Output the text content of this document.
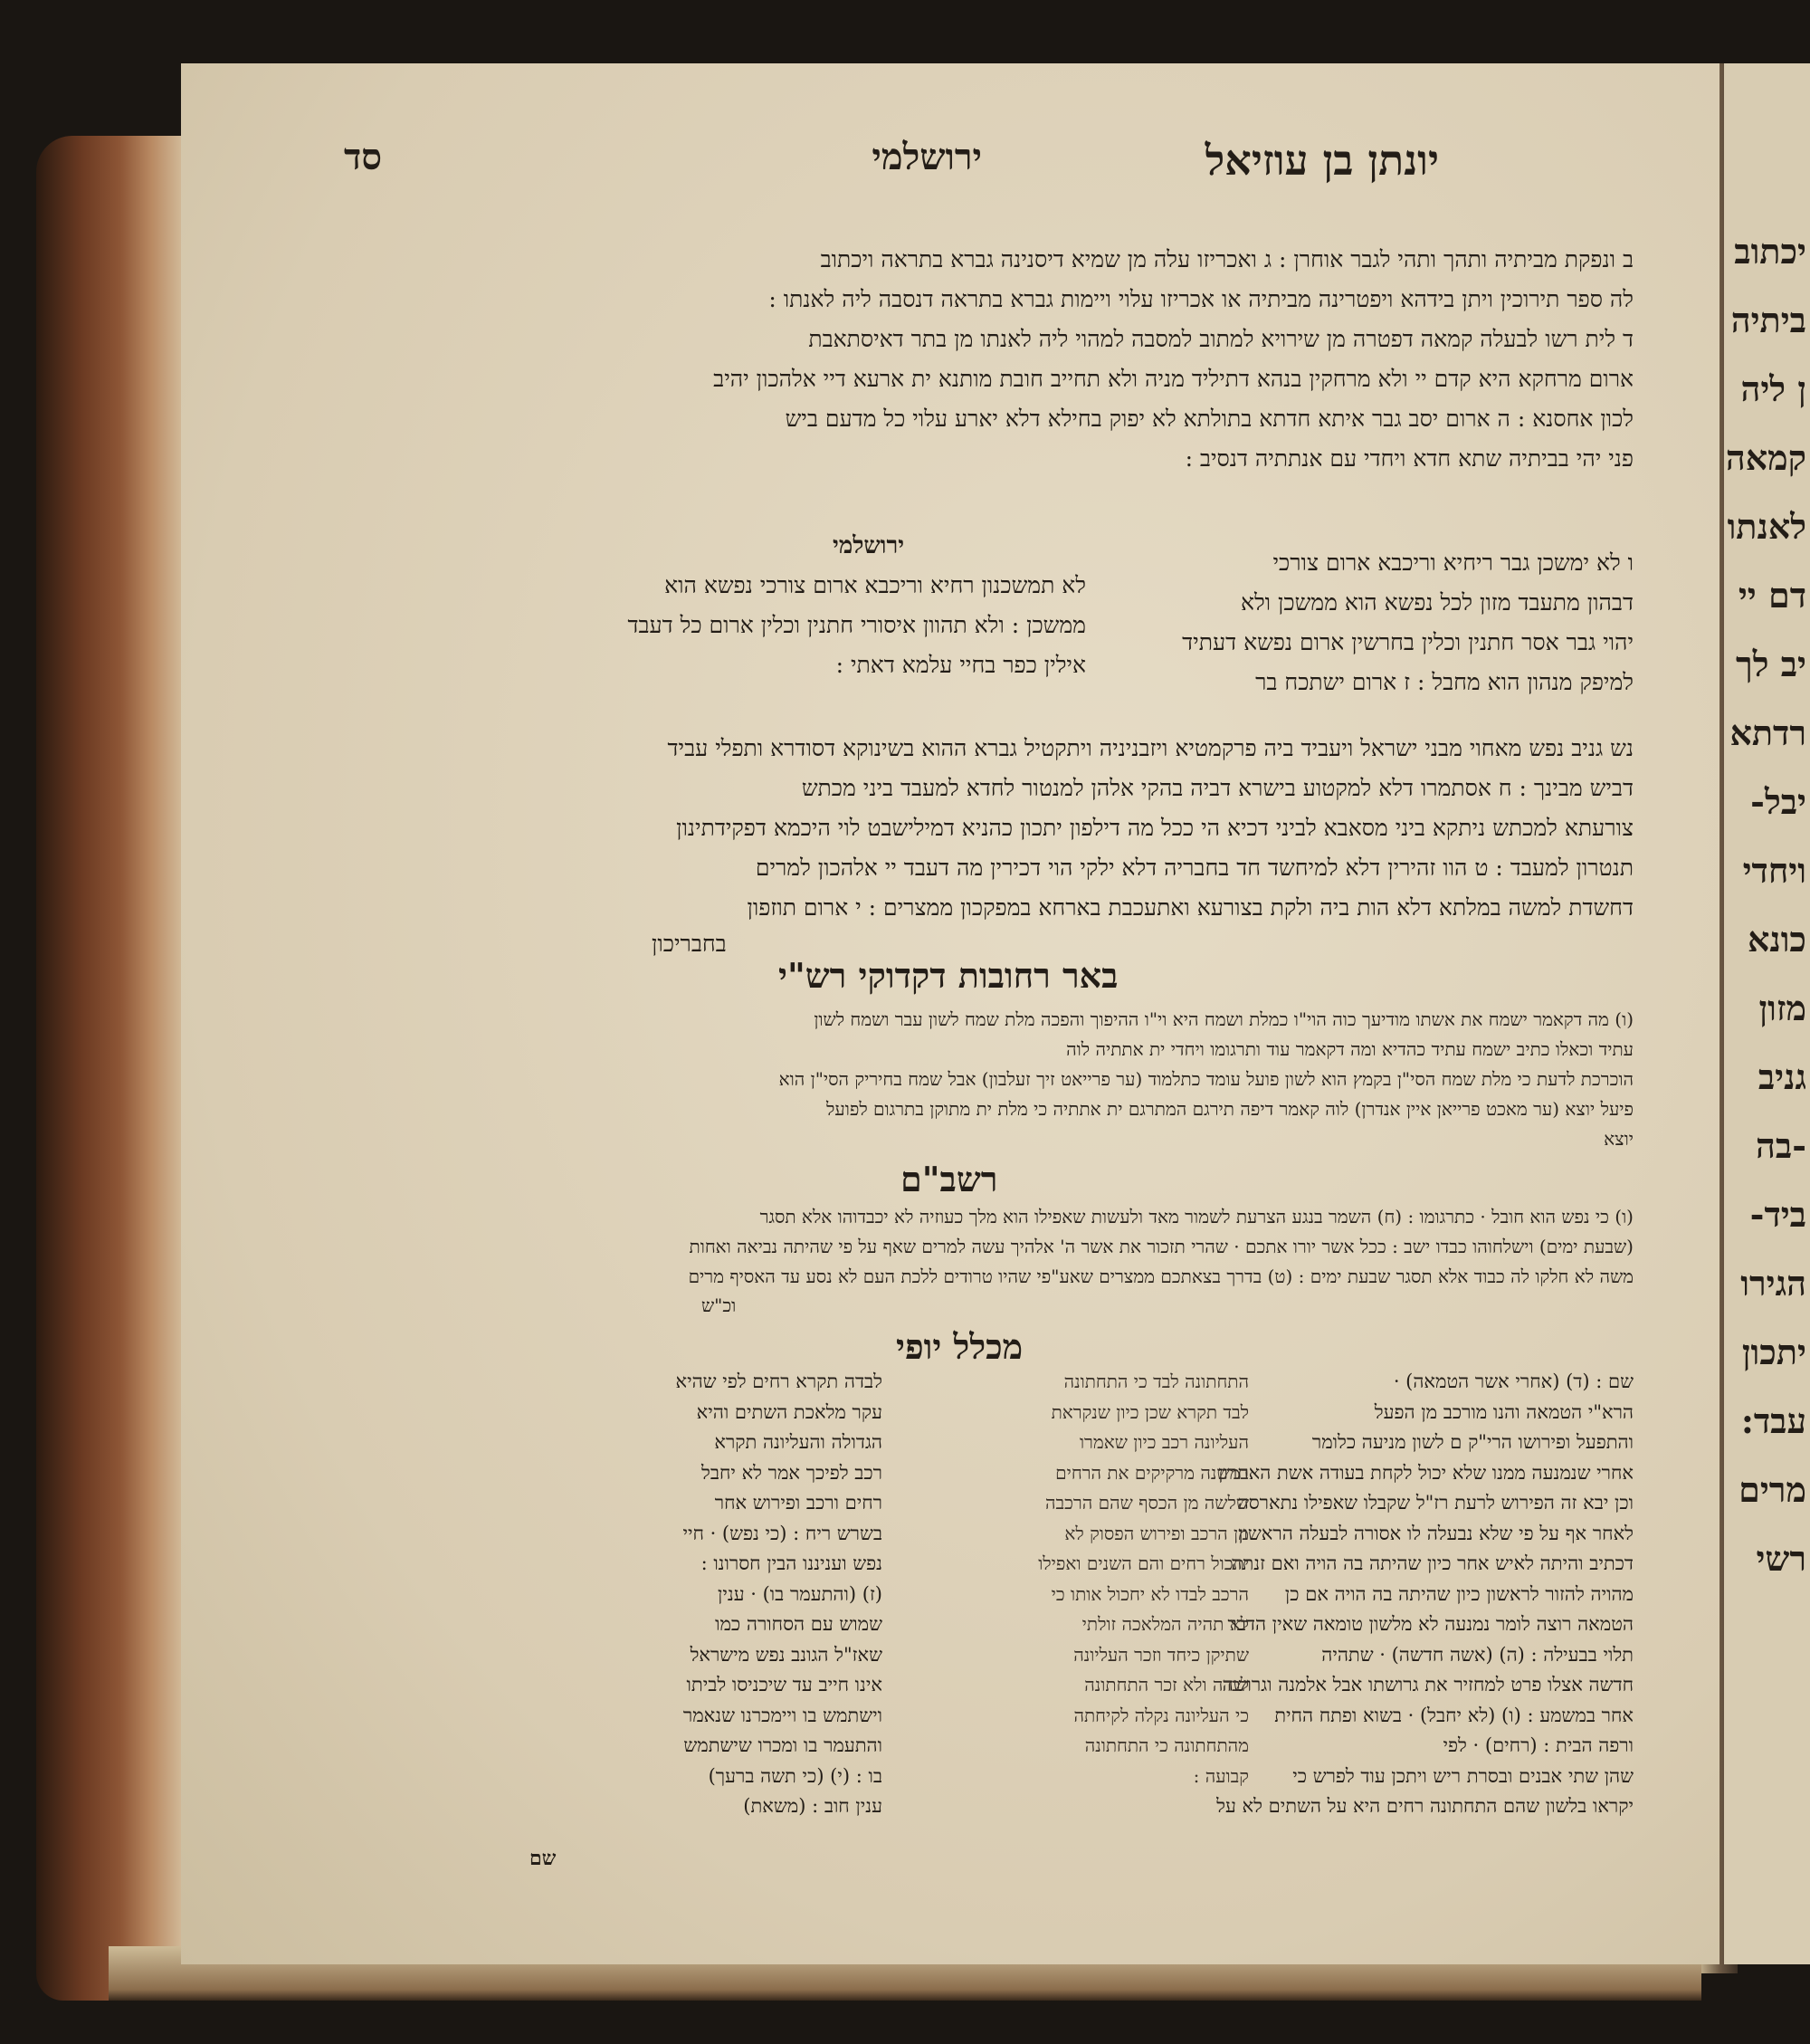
יכתוב
ביתיה
ן ליה
קמאה
לאנתו
דם יי
יב לך
רדתא
יבל-
ויחדי
כונא
מזון
גניב
-בה
ביד-
הגירו
יתכון
עבד:
מרים
רשי
יונתן בן עוזיאל
ירושלמי
סד
ב ונפקת מביתיה ותהך ותהי לגבר אוחרן : ג ואכריזו עלה מן שמיא דיסנינה גברא בתראה ויכתוב
לה ספר תירוכין ויתן בידהא ויפטרינה מביתיה או אכריזו עלוי ויימות גברא בתראה דנסבה ליה לאנתו :
ד לית רשו לבעלה קמאה דפטרה מן שירויא למתוב למסבה למהוי ליה לאנתו מן בתר דאיסתאבת
ארום מרחקא היא קדם יי ולא מרחקין בנהא דתיליד מניה ולא תחייב חובת מותנא ית ארעא דיי אלהכון יהיב
לכון אחסנא : ה ארום יסב גבר איתא חדתא בתולתא לא יפוק בחילא דלא יארע עלוי כל מדעם ביש
פני יהי בביתיה שתא חדא ויחדי עם אנתתיה דנסיב :
ירושלמי
ו לא ימשכן גבר ריחיא וריכבא ארום צורכי
דבהון מתעבד מזון לכל נפשא הוא ממשכן ולא
יהוי גבר אסר חתנין וכלין בחרשין ארום נפשא דעתיד
למיפק מנהון הוא מחבל : ז ארום ישתכח בר
לא תמשכנון רחיא וריכבא ארום צורכי נפשא הוא
ממשכן : ולא תהוון איסורי חתנין וכלין ארום כל דעבד
אילין כפר בחיי עלמא דאתי :
נש גניב נפש מאחוי מבני ישראל ויעביד ביה פרקמטיא ויזבניניה ויתקטיל גברא ההוא בשינוקא דסודרא ותפלי עביד
דביש מבינך : ח אסתמרו דלא למקטוע בישרא דביה בהקי אלהן למנטור לחדא למעבד ביני מכתש
צורעתא למכתש ניתקא ביני מסאבא לביני דכיא הי ככל מה דילפון יתכון כהניא דמילישבט לוי היכמא דפקידתינון
תנטרון למעבד : ט הוו זהירין דלא למיחשד חד בחבריה דלא ילקי הוי דכירין מה דעבד יי אלהכון למרים
דחשדת למשה במלתא דלא הות ביה ולקת בצורעא ואתעכבת בארחא במפקכון ממצרים : י ארום תוזפון
בחבריכון
באר רחובות דקדוקי רש"י
(ו) מה דקאמר ישמח את אשתו מודיעך כוה הוי"ו כמלת ושמח היא וי"ו ההיפוך והפכה מלת שמח לשון עבר ושמח לשון
עתיד וכאלו כתיב ישמח עתיד כהדיא ומה דקאמר עוד ותרגומו ויחדי ית אתתיה לוה
הוכרכת לדעת כי מלת שמח הסי"ן בקמץ הוא לשון פועל עומד כתלמוד (ער פרייאט זיך זעלבון) אבל שמח בחיריק הסי"ן הוא
פיעל יוצא (ער מאכט פרייאן איין אנדרן) לוה קאמר דיפה תירגם המתרגם ית אתתיה כי מלת ית מתוקן בתרגום לפועל
יוצא
רשב"ם
(ו) כי נפש הוא חובל · כתרגומו : (ח) השמר בנגע הצרעת לשמור מאד ולעשות שאפילו הוא מלך כעוזיה לא יכבדוהו אלא תסגר
(שבעת ימים) וישלחוהו כבדו ישב : ככל אשר יורו אתכם · שהרי תזכור את אשר ה' אלהיך עשה למרים שאף על פי שהיתה נביאה ואחות
משה לא חלקו לה כבוד אלא תסגר שבעת ימים : (ט) בדרך בצאתכם ממצרים שאע"פי שהיו טרודים ללכת העם לא נסע עד האסיף מרים
וכ"ש
מכלל יופי
שם : (ד) (אחרי אשר הטמאה) ·
הרא"י הטמאה והנו מורכב מן הפעל
והתפעל ופירושו הרי"ק ם לשון מניעה כלומר
אחרי שנמנעה ממנו שלא יכול לקחת בעודה אשת האחרון
וכן יבא זה הפירוש לרעת רז"ל שקבלו שאפילו נתארסה
לאחר אף על פי שלא נבעלה לו אסורה לבעלה הראשון
דכתיב והיתה לאיש אחר כיון שהיתה בה הויה ואם זנתה
מהויה להזור לראשון כיון שהיתה בה הויה אם כן
הטמאה רוצה לומר נמנעה לא מלשון טומאה שאין הדבר
תלוי בבעילה : (ה) (אשה חדשה) · שתהיה
חדשה אצלו פרט למחזיר את גרושתו אבל אלמנה וגרושה
אחר במשמע : (ו) (לא יחבל) · בשוא ופתח החית
ורפה הבית : (רחים) · לפי
שהן שתי אבנים ובסרת ריש ויתכן עוד לפרש כי
יקראו בלשון שהם התחתונה רחים היא על השתים לא על
התחתונה לבד כי התחתונה
לבד תקרא שכן כיון שנקראת
העליונה רכב כיון שאמרו
במשנה מרקיקים את הרחים
שלשה מן הכסף שהם הרכבה
מן הרכב ופירוש הפסוק לא
יתכול רחים והם השנים ואפילו
הרכב לבדו לא יחכול אותו כי
לא תהיה המלאכה זולתי
שתיקן כיחד וזכר העליונה
לבדה ולא זכר התחתונה
כי העליונה נקלה לקיחתה
מהתחתונה כי התחתונה
קבועה :
לבדה תקרא רחים לפי שהיא
עקר מלאכת השתים והיא
הגדולה והעליונה תקרא
רכב לפיכך אמר לא יחבל
רחים ורכב ופירוש אחר
בשרש ריח : (כי נפש) · חיי
נפש ועניננו הבין חסרונו :
(ז) (והתעמר בו) · ענין
שמוש עם הסחורה כמו
שאז"ל הגונב נפש מישראל
אינו חייב עד שיכניסו לביתו
וישתמש בו ויימכרנו שנאמר
והתעמר בו ומכרו שישתמש
בו : (י) (כי תשה ברעך)
ענין חוב : (משאת)
שם
